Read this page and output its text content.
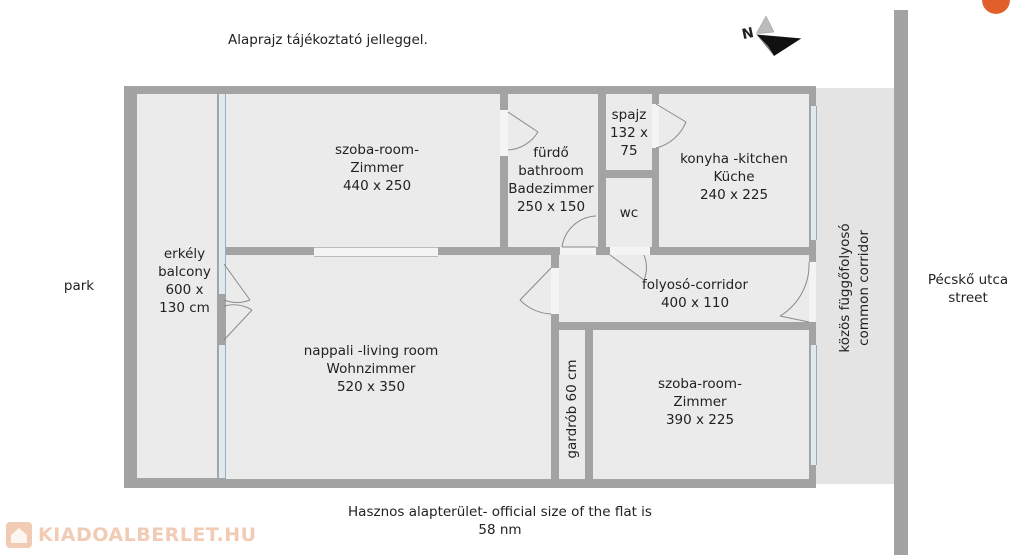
N
Alaprajz tájékoztató jelleggel.
közös függőfolyosó
common corridor
erkély
balcony
600 x
130 cm
szoba-room-
Zimmer
440 x 250
fürdő
bathroom
Badezimmer
250 x 150
spajz
132 x
75
wc
konyha -kitchen
Küche
240 x 225
nappali -living room
Wohnzimmer
520 x 350
folyosó-corridor
400 x 110
gardrób 60 cm	szoba-room-
Zimmer
390 x 225
park	Pécskő utca
street
Hasznos alapterület- official size of the flat is
58 nm
KIADOALBERLET.HU
